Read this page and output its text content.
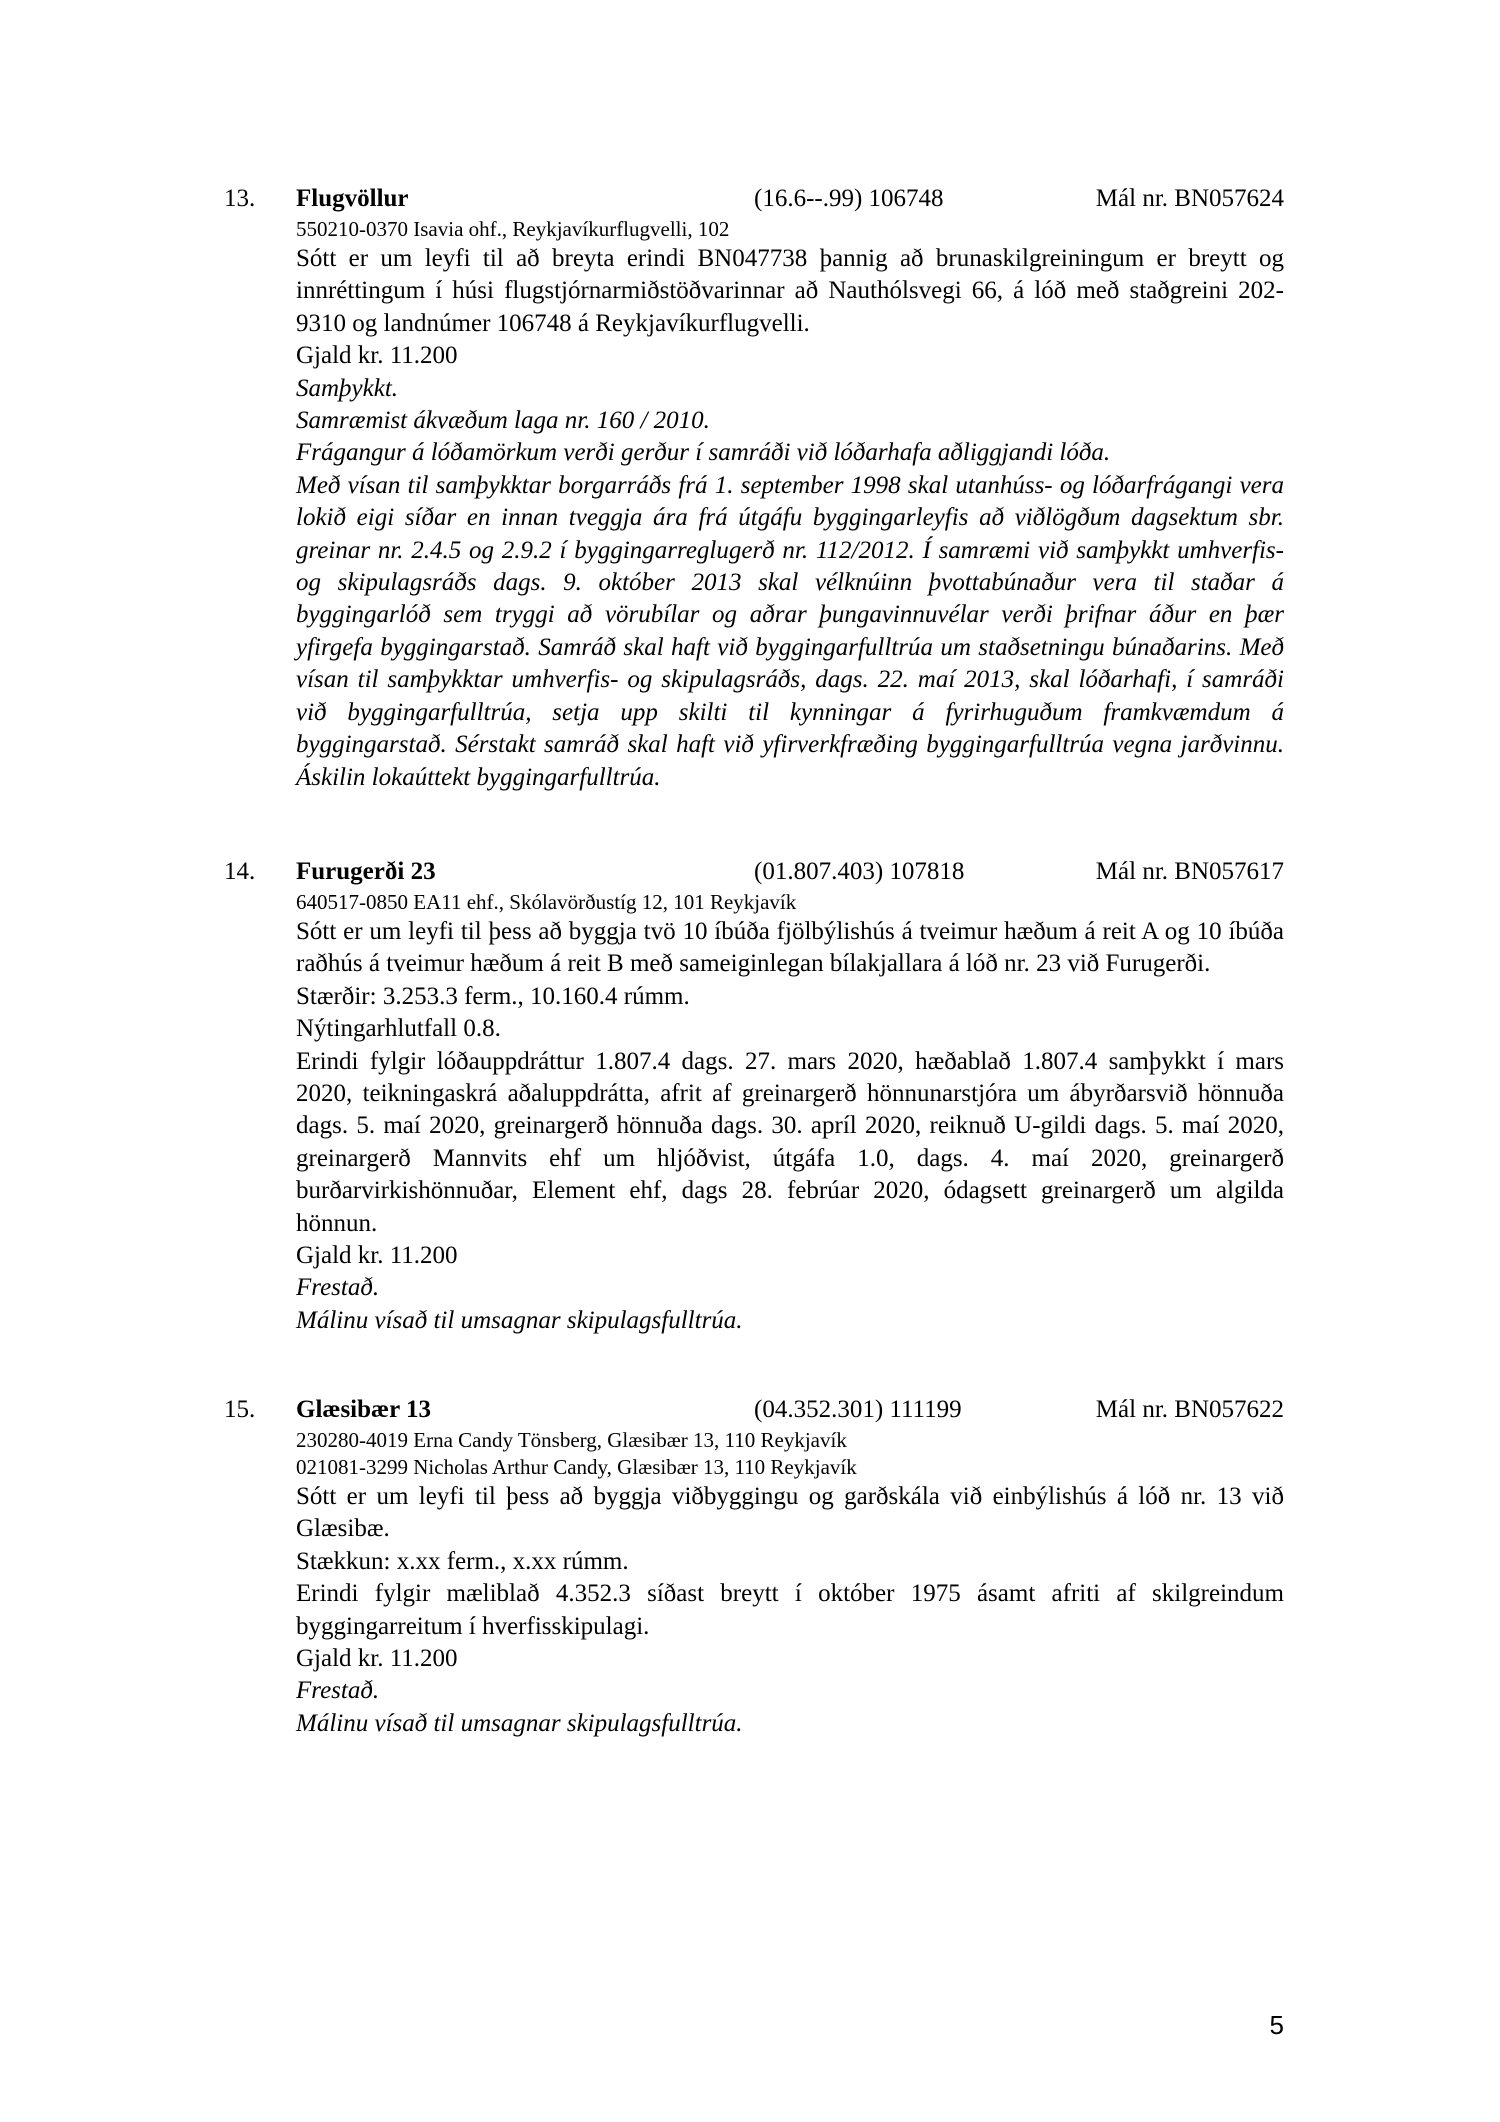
13. Flugvöllur	(16.6--.99) 106748	Mál nr. BN057624

550210-0370 Isavia ohf., Reykjavíkurflugvelli, 102

Sótt er um leyfi til að breyta erindi BN047738 þannig að brunaskilgreiningum er breytt og innréttingum í húsi flugstjórnarmiðstöðvarinnar að Nauthólsvegi 66, á lóð með staðgreini 202-9310 og landnúmer 106748 á Reykjavíkurflugvelli.

Gjald kr. 11.200

Samþykkt.

Samræmist ákvæðum laga nr. 160 / 2010.

Frágangur á lóðamörkum verði gerður í samráði við lóðarhafa aðliggjandi lóða.

Með vísan til samþykktar borgarráðs frá 1. september 1998 skal utanhúss- og lóðarfrágangi vera lokið eigi síðar en innan tveggja ára frá útgáfu byggingarleyfis að viðlögðum dagsektum sbr. greinar nr. 2.4.5 og 2.9.2 í byggingarreglugerð nr. 112/2012. Í samræmi við samþykkt umhverfis- og skipulagsráðs dags. 9. október 2013 skal vélknúinn þvottabúnaður vera til staðar á byggingarlóð sem tryggi að vörubílar og aðrar þungavinnuvélar verði þrifnar áður en þær yfirgefa byggingarstað. Samráð skal haft við byggingarfulltrúa um staðsetningu búnaðarins. Með vísan til samþykktar umhverfis- og skipulagsráðs, dags. 22. maí 2013, skal lóðarhafi, í samráði við byggingarfulltrúa, setja upp skilti til kynningar á fyrirhuguðum framkvæmdum á byggingarstað. Sérstakt samráð skal haft við yfirverkfræðing byggingarfulltrúa vegna jarðvinnu. Áskilin lokaúttekt byggingarfulltrúa.

14. Furugerði 23	(01.807.403) 107818	Mál nr. BN057617

640517-0850 EA11 ehf., Skólavörðustíg 12, 101 Reykjavík

Sótt er um leyfi til þess að byggja tvö 10 íbúða fjölbýlishús á tveimur hæðum á reit A og 10 íbúða raðhús á tveimur hæðum á reit B með sameiginlegan bílakjallara á lóð nr. 23 við Furugerði.

Stærðir: 3.253.3 ferm., 10.160.4 rúmm.

Nýtingarhlutfall 0.8.

Erindi fylgir lóðauppdráttur 1.807.4 dags. 27. mars 2020, hæðablað 1.807.4 samþykkt í mars 2020, teikningaskrá aðaluppdrátta, afrit af greinargerð hönnunarstjóra um ábyrðarsvið hönnuða dags. 5. maí 2020, greinargerð hönnuða dags. 30. apríl 2020, reiknuð U-gildi dags. 5. maí 2020, greinargerð Mannvits ehf um hljóðvist, útgáfa 1.0, dags. 4. maí 2020, greinargerð burðarvirkishönnuðar, Element ehf, dags 28. febrúar 2020, ódagsett greinargerð um algilda hönnun.

Gjald kr. 11.200

Frestað.

Málinu vísað til umsagnar skipulagsfulltrúa.

15. Glæsibær 13	(04.352.301) 111199	Mál nr. BN057622

230280-4019 Erna Candy Tönsberg, Glæsibær 13, 110 Reykjavík

021081-3299 Nicholas Arthur Candy, Glæsibær 13, 110 Reykjavík

Sótt er um leyfi til þess að byggja viðbyggingu og garðskála við einbýlishús á lóð nr. 13 við Glæsibæ.

Stækkun: x.xx ferm., x.xx rúmm.

Erindi fylgir mæliblað 4.352.3 síðast breytt í október 1975 ásamt afriti af skilgreindum byggingarreitum í hverfisskipulagi.

Gjald kr. 11.200

Frestað.

Málinu vísað til umsagnar skipulagsfulltrúa.

5
